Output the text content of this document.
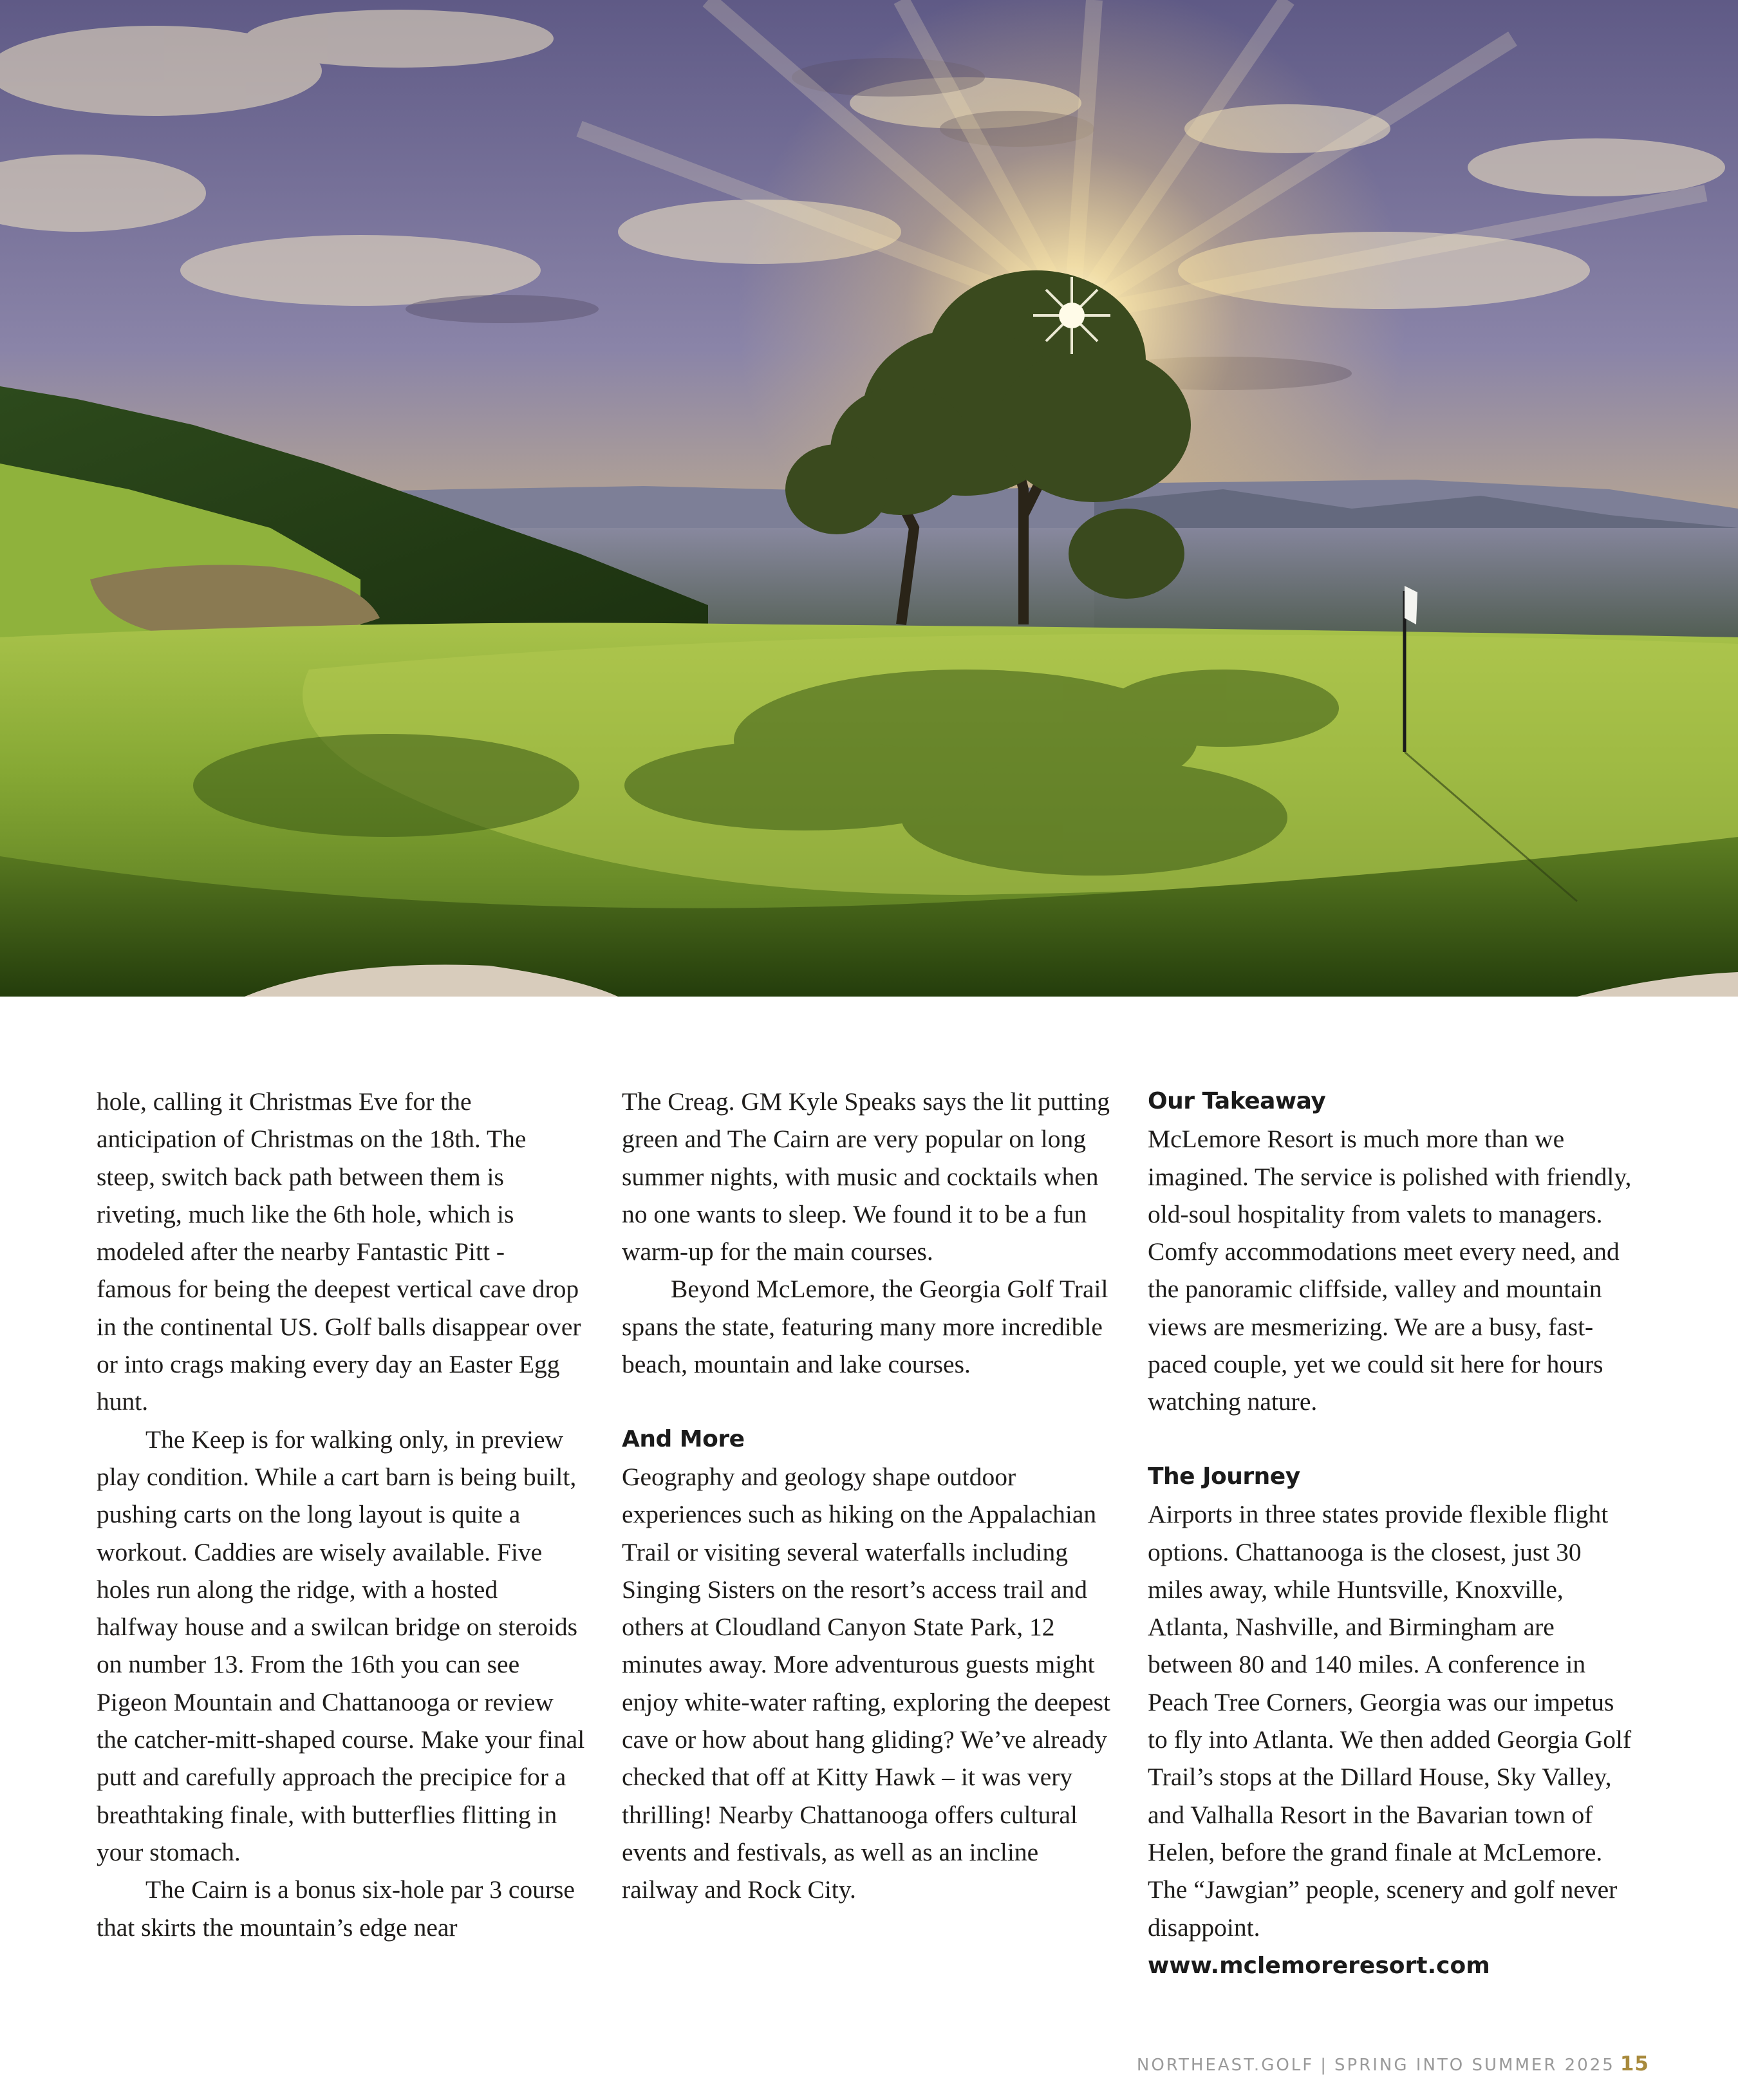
hole, calling it Christmas Eve for the anticipation of Christmas on the 18th. The steep, switch back path between them is riveting, much like the 6th hole, which is modeled after the nearby Fantastic Pitt - famous for being the deepest vertical cave drop in the continental US. Golf balls disappear over or into crags making every day an Easter Egg hunt.

The Keep is for walking only, in preview play condition. While a cart barn is being built, pushing carts on the long layout is quite a workout. Caddies are wisely available. Five holes run along the ridge, with a hosted halfway house and a swilcan bridge on steroids on number 13. From the 16th you can see Pigeon Mountain and Chattanooga or review the catcher-mitt-shaped course. Make your final putt and carefully approach the precipice for a breathtaking finale, with butterflies flitting in your stomach.

The Cairn is a bonus six-hole par 3 course that skirts the mountain’s edge near

The Creag. GM Kyle Speaks says the lit putting green and The Cairn are very popular on long summer nights, with music and cocktails when no one wants to sleep. We found it to be a fun warm-up for the main courses.

Beyond McLemore, the Georgia Golf Trail spans the state, featuring many more incredible beach, mountain and lake courses.

And More

Geography and geology shape outdoor experiences such as hiking on the Appalachian Trail or visiting several waterfalls including Singing Sisters on the resort’s access trail and others at Cloudland Canyon State Park, 12 minutes away. More adventurous guests might enjoy white-water rafting, exploring the deepest cave or how about hang gliding? We’ve already checked that off at Kitty Hawk – it was very thrilling! Nearby Chattanooga offers cultural events and festivals, as well as an incline railway and Rock City.

Our Takeaway

McLemore Resort is much more than we imagined. The service is polished with friendly, old-soul hospitality from valets to managers. Comfy accommodations meet every need, and the panoramic cliffside, valley and mountain views are mesmerizing. We are a busy, fast-paced couple, yet we could sit here for hours watching nature.

The Journey

Airports in three states provide flexible flight options. Chattanooga is the closest, just 30 miles away, while Huntsville, Knoxville, Atlanta, Nashville, and Birmingham are between 80 and 140 miles. A conference in Peach Tree Corners, Georgia was our impetus to fly into Atlanta. We then added Georgia Golf Trail’s stops at the Dillard House, Sky Valley, and Valhalla Resort in the Bavarian town of Helen, before the grand finale at McLemore. The “Jawgian” people, scenery and golf never disappoint.

www.mclemoreresort.com

NORTHEAST.GOLF | SPRING INTO SUMMER 2025 15
